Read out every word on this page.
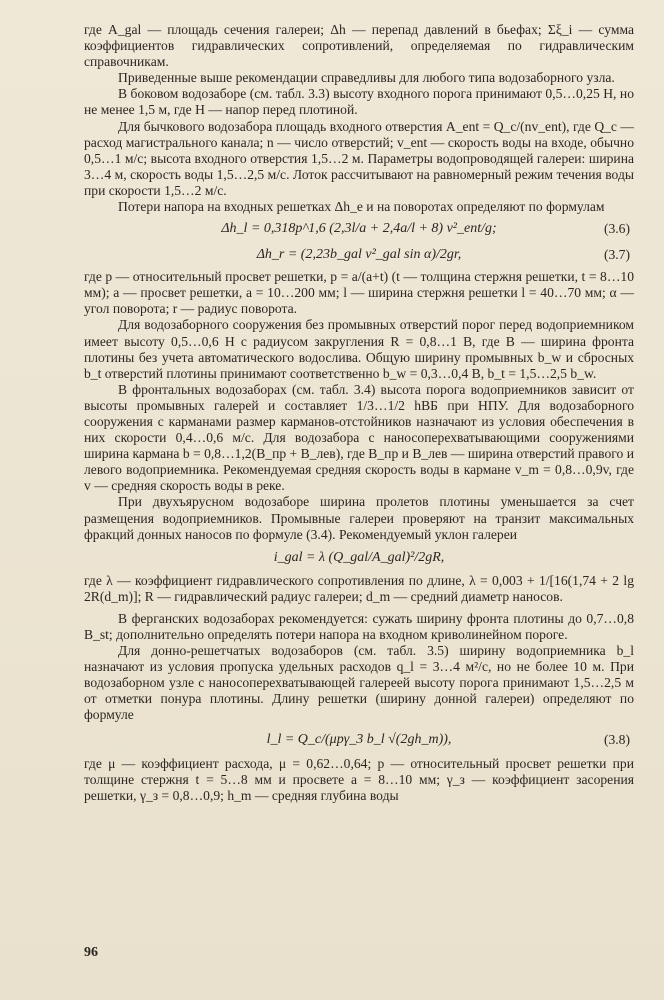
где A_gal — площадь сечения галереи; Δh — перепад давлений в бьефах; Σξ_i — сумма коэффициентов гидравлических сопротивлений, определяемая по гидравлическим справочникам.

Приведенные выше рекомендации справедливы для любого типа водозаборного узла.

В боковом водозаборе (см. табл. 3.3) высоту входного порога принимают 0,5…0,25 H, но не менее 1,5 м, где H — напор перед плотиной.

Для бычкового водозабора площадь входного отверстия A_ent = Q_c/(nv_ent), где Q_c — расход магистрального канала; n — число отверстий; v_ent — скорость воды на входе, обычно 0,5…1 м/с; высота входного отверстия 1,5…2 м. Параметры водопроводящей галереи: ширина 3…4 м, скорость воды 1,5…2,5 м/с. Лоток рассчитывают на равномерный режим течения воды при скорости 1,5…2 м/с.

Потери напора на входных решетках Δh_e и на поворотах определяют по формулам

Δh_l = 0,318p^1,6 (2,3l/a + 2,4a/l + 8) v²_ent/g;	(3.6)
Δh_r = (2,23b_gal v²_gal sin α)/2gr,	(3.7)

где p — относительный просвет решетки, p = a/(a+t) (t — толщина стержня решетки, t = 8…10 мм); a — просвет решетки, a = 10…200 мм; l — ширина стержня решетки l = 40…70 мм; α — угол поворота; r — радиус поворота.

Для водозаборного сооружения без промывных отверстий порог перед водоприемником имеет высоту 0,5…0,6 H с радиусом закругления R = 0,8…1 B, где B — ширина фронта плотины без учета автоматического водослива. Общую ширину промывных b_w и сбросных b_t отверстий плотины принимают соответственно b_w = 0,3…0,4 B, b_t = 1,5…2,5 b_w.

В фронтальных водозаборах (см. табл. 3.4) высота порога водоприемников зависит от высоты промывных галерей и составляет 1/3…1/2 hВБ при НПУ. Для водозаборного сооружения с карманами размер карманов-отстойников назначают из условия обеспечения в них скорости 0,4…0,6 м/с. Для водозабора с наносоперехватывающими сооружениями ширина кармана b = 0,8…1,2(B_пр + B_лев), где B_пр и B_лев — ширина отверстий правого и левого водоприемника. Рекомендуемая средняя скорость воды в кармане v_m = 0,8…0,9v, где v — средняя скорость воды в реке.

При двухъярусном водозаборе ширина пролетов плотины уменьшается за счет размещения водоприемников. Промывные галереи проверяют на транзит максимальных фракций донных наносов по формуле (3.4). Рекомендуемый уклон галереи

i_gal = λ (Q_gal/A_gal)²/2gR,

где λ — коэффициент гидравлического сопротивления по длине, λ = 0,003 + 1/[16(1,74 + 2 lg 2R(d_m)]; R — гидравлический радиус галереи; d_m — средний диаметр наносов.

В ферганских водозаборах рекомендуется: сужать ширину фронта плотины до 0,7…0,8 B_st; дополнительно определять потери напора на входном криволинейном пороге.

Для донно-решетчатых водозаборов (см. табл. 3.5) ширину водоприемника b_l назначают из условия пропуска удельных расходов q_l = 3…4 м²/с, но не более 10 м. При водозаборном узле с наносоперехватывающей галереей высоту порога принимают 1,5…2,5 м от отметки понура плотины. Длину решетки (ширину донной галереи) определяют по формуле

l_l = Q_c/(μpγ_3 b_l √(2gh_m)),	(3.8)

где μ — коэффициент расхода, μ = 0,62…0,64; p — относительный просвет решетки при толщине стержня t = 5…8 мм и просвете a = 8…10 мм; γ_з — коэффициент засорения решетки, γ_з = 0,8…0,9; h_m — средняя глубина воды

96
